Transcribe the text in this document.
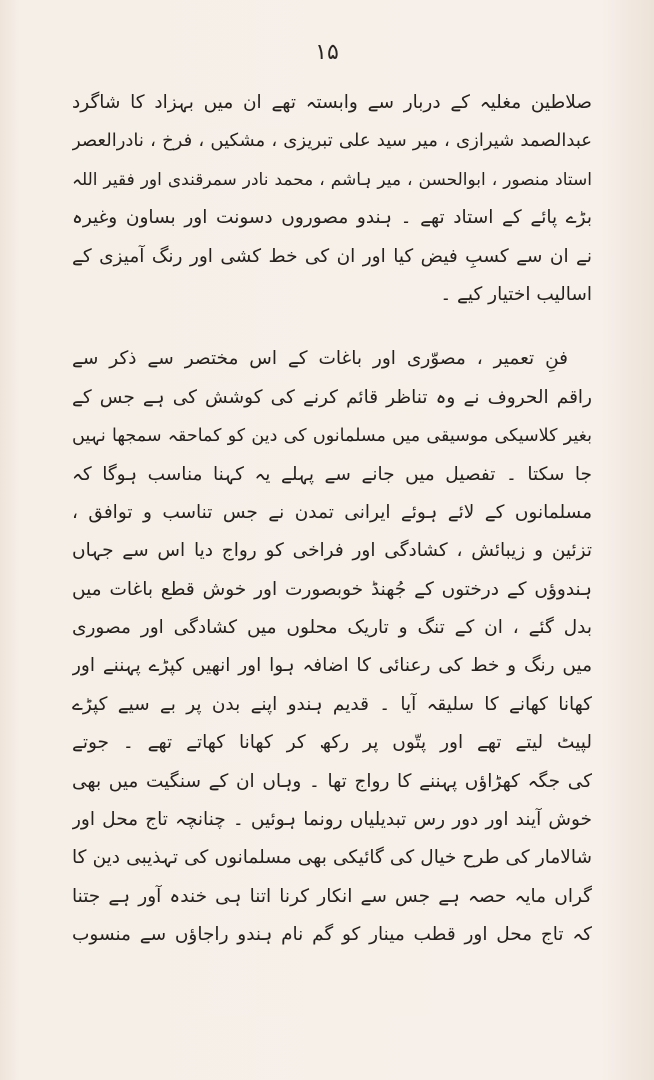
۱۵
صلاطین مغلیہ کے دربار سے وابستہ تھے ان میں بہزاد کا شاگرد
عبدالصمد شیرازی ، میر سید علی تبریزی ، مشکیں ، فرخ ، نادرالعصر
استاد منصور ، ابوالحسن ، میر ہاشم ، محمد نادر سمرقندی اور فقیر اللہ
بڑے پائے کے استاد تھے ۔ ہندو مصوروں دسونت اور بساون وغیرہ
نے ان سے کسبِ فیض کیا اور ان کی خط کشی اور رنگ آمیزی کے
اسالیب اختیار کیے ۔
فنِ تعمیر ، مصوّری اور باغات کے اس مختصر سے ذکر سے
راقم الحروف نے وہ تناظر قائم کرنے کی کوشش کی ہے جس کے
بغیر کلاسیکی موسیقی میں مسلمانوں کی دین کو کماحقہ سمجھا نہیں
جا سکتا ۔ تفصیل میں جانے سے پہلے یہ کہنا مناسب ہوگا کہ
مسلمانوں کے لائے ہوئے ایرانی تمدن نے جس تناسب و توافق ،
تزئین و زیبائش ، کشادگی اور فراخی کو رواج دیا اس سے جہاں
ہندوؤں کے درختوں کے جُھنڈ خوبصورت اور خوش قطع باغات میں
بدل گئے ، ان کے تنگ و تاریک محلوں میں کشادگی اور مصوری
میں رنگ و خط کی رعنائی کا اضافہ ہوا اور انھیں کپڑے پہننے اور
کھانا کھانے کا سلیقہ آیا ۔ قدیم ہندو اپنے بدن پر بے سیے کپڑے
لپیٹ لیتے تھے اور پتّوں پر رکھ کر کھانا کھاتے تھے ۔ جوتے
کی جگہ کھڑاؤں پہننے کا رواج تھا ۔ وہاں ان کے سنگیت میں بھی
خوش آیند اور دور رس تبدیلیاں رونما ہوئیں ۔ چنانچہ تاج محل اور
شالامار کی طرح خیال کی گائیکی بھی مسلمانوں کی تہذیبی دین کا
گراں مایہ حصہ ہے جس سے انکار کرنا اتنا ہی خندہ آور ہے جتنا
کہ تاج محل اور قطب مینار کو گم نام ہندو راجاؤں سے منسوب
